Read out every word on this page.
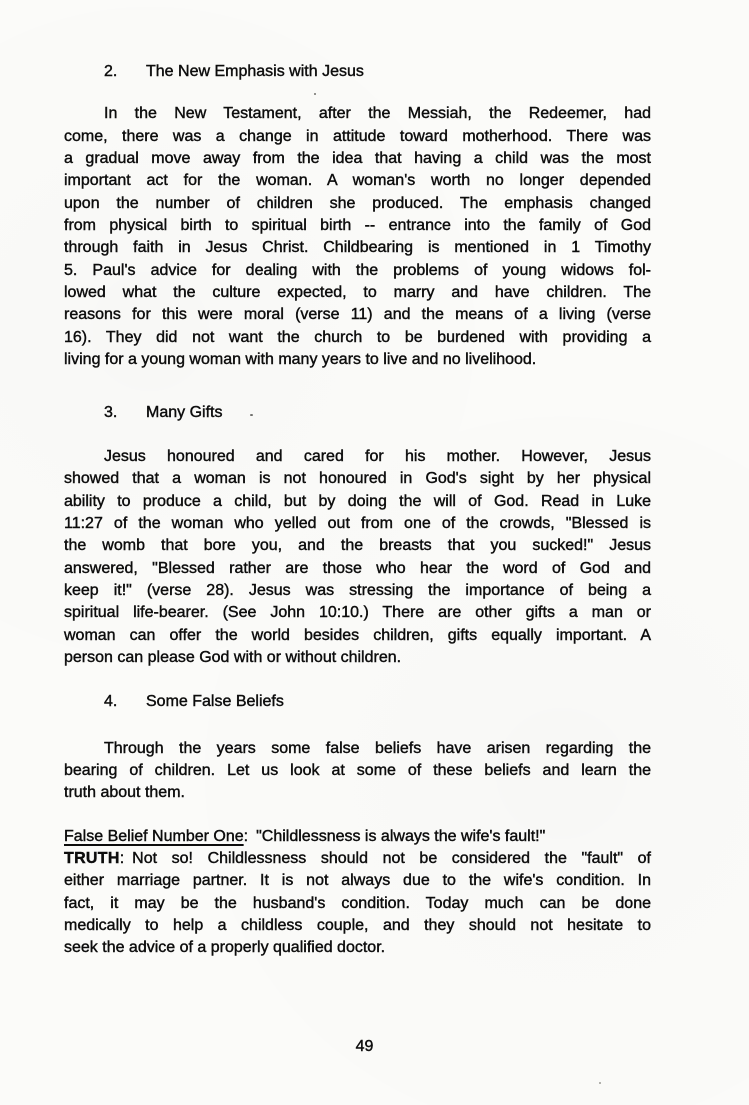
2. The New Emphasis with Jesus
In the New Testament, after the Messiah, the Redeemer, had
come, there was a change in attitude toward motherhood. There was
a gradual move away from the idea that having a child was the most
important act for the woman. A woman's worth no longer depended
upon the number of children she produced. The emphasis changed
from physical birth to spiritual birth -- entrance into the family of God
through faith in Jesus Christ. Childbearing is mentioned in 1 Timothy
5. Paul's advice for dealing with the problems of young widows fol-
lowed what the culture expected, to marry and have children. The
reasons for this were moral (verse 11) and the means of a living (verse
16). They did not want the church to be burdened with providing a
living for a young woman with many years to live and no livelihood.
3. Many Gifts
Jesus honoured and cared for his mother. However, Jesus
showed that a woman is not honoured in God's sight by her physical
ability to produce a child, but by doing the will of God. Read in Luke
11:27 of the woman who yelled out from one of the crowds, "Blessed is
the womb that bore you, and the breasts that you sucked!" Jesus
answered, "Blessed rather are those who hear the word of God and
keep it!" (verse 28). Jesus was stressing the importance of being a
spiritual life-bearer. (See John 10:10.) There are other gifts a man or
woman can offer the world besides children, gifts equally important. A
person can please God with or without children.
4. Some False Beliefs
Through the years some false beliefs have arisen regarding the
bearing of children. Let us look at some of these beliefs and learn the
truth about them.
False Belief Number One: "Childlessness is always the wife's fault!"
TRUTH: Not so! Childlessness should not be considered the "fault" of
either marriage partner. It is not always due to the wife's condition. In
fact, it may be the husband's condition. Today much can be done
medically to help a childless couple, and they should not hesitate to
seek the advice of a properly qualified doctor.
49
